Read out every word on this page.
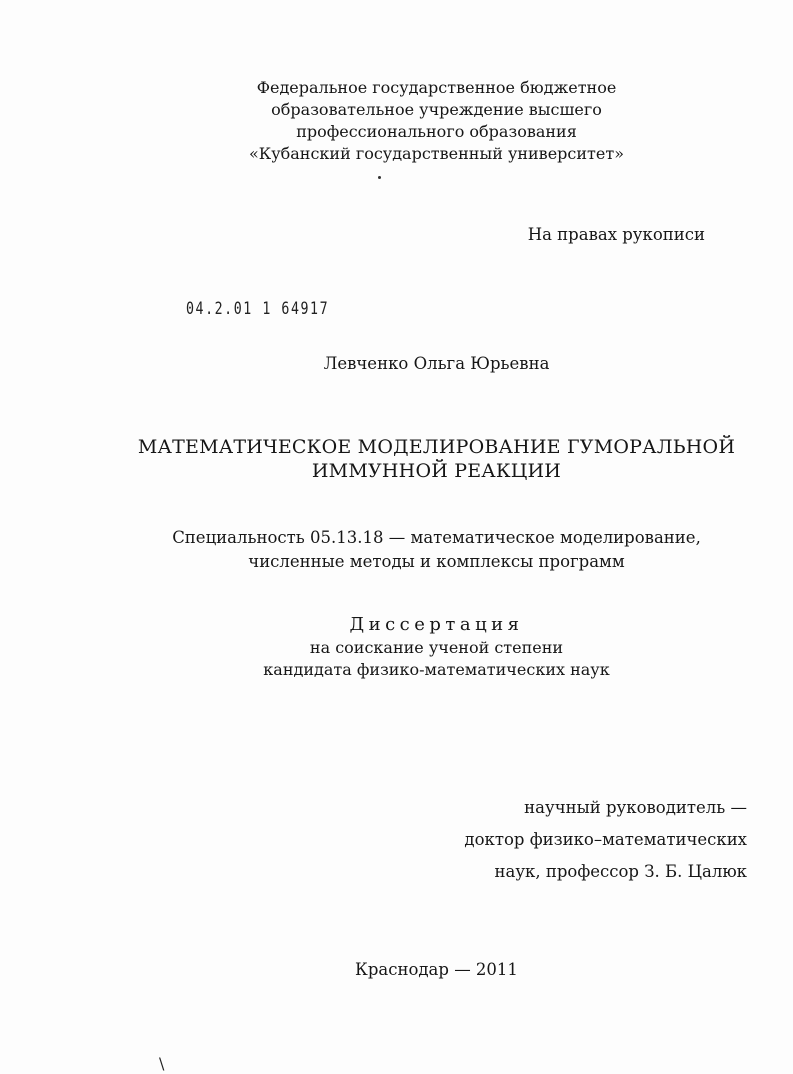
Федеральное государственное бюджетное
образовательное учреждение высшего
профессионального образования
«Кубанский государственный университет»
На правах рукописи
04.2.01 1 64917
Левченко Ольга Юрьевна
МАТЕМАТИЧЕСКОЕ МОДЕЛИРОВАНИЕ ГУМОРАЛЬНОЙ
ИММУННОЙ РЕАКЦИИ
Специальность 05.13.18 — математическое моделирование,
численные методы и комплексы программ
Диссертация
на соискание ученой степени
кандидата физико-математических наук
научный руководитель —
доктор физико–математических
наук, профессор З. Б. Цалюк
Краснодар — 2011
\
